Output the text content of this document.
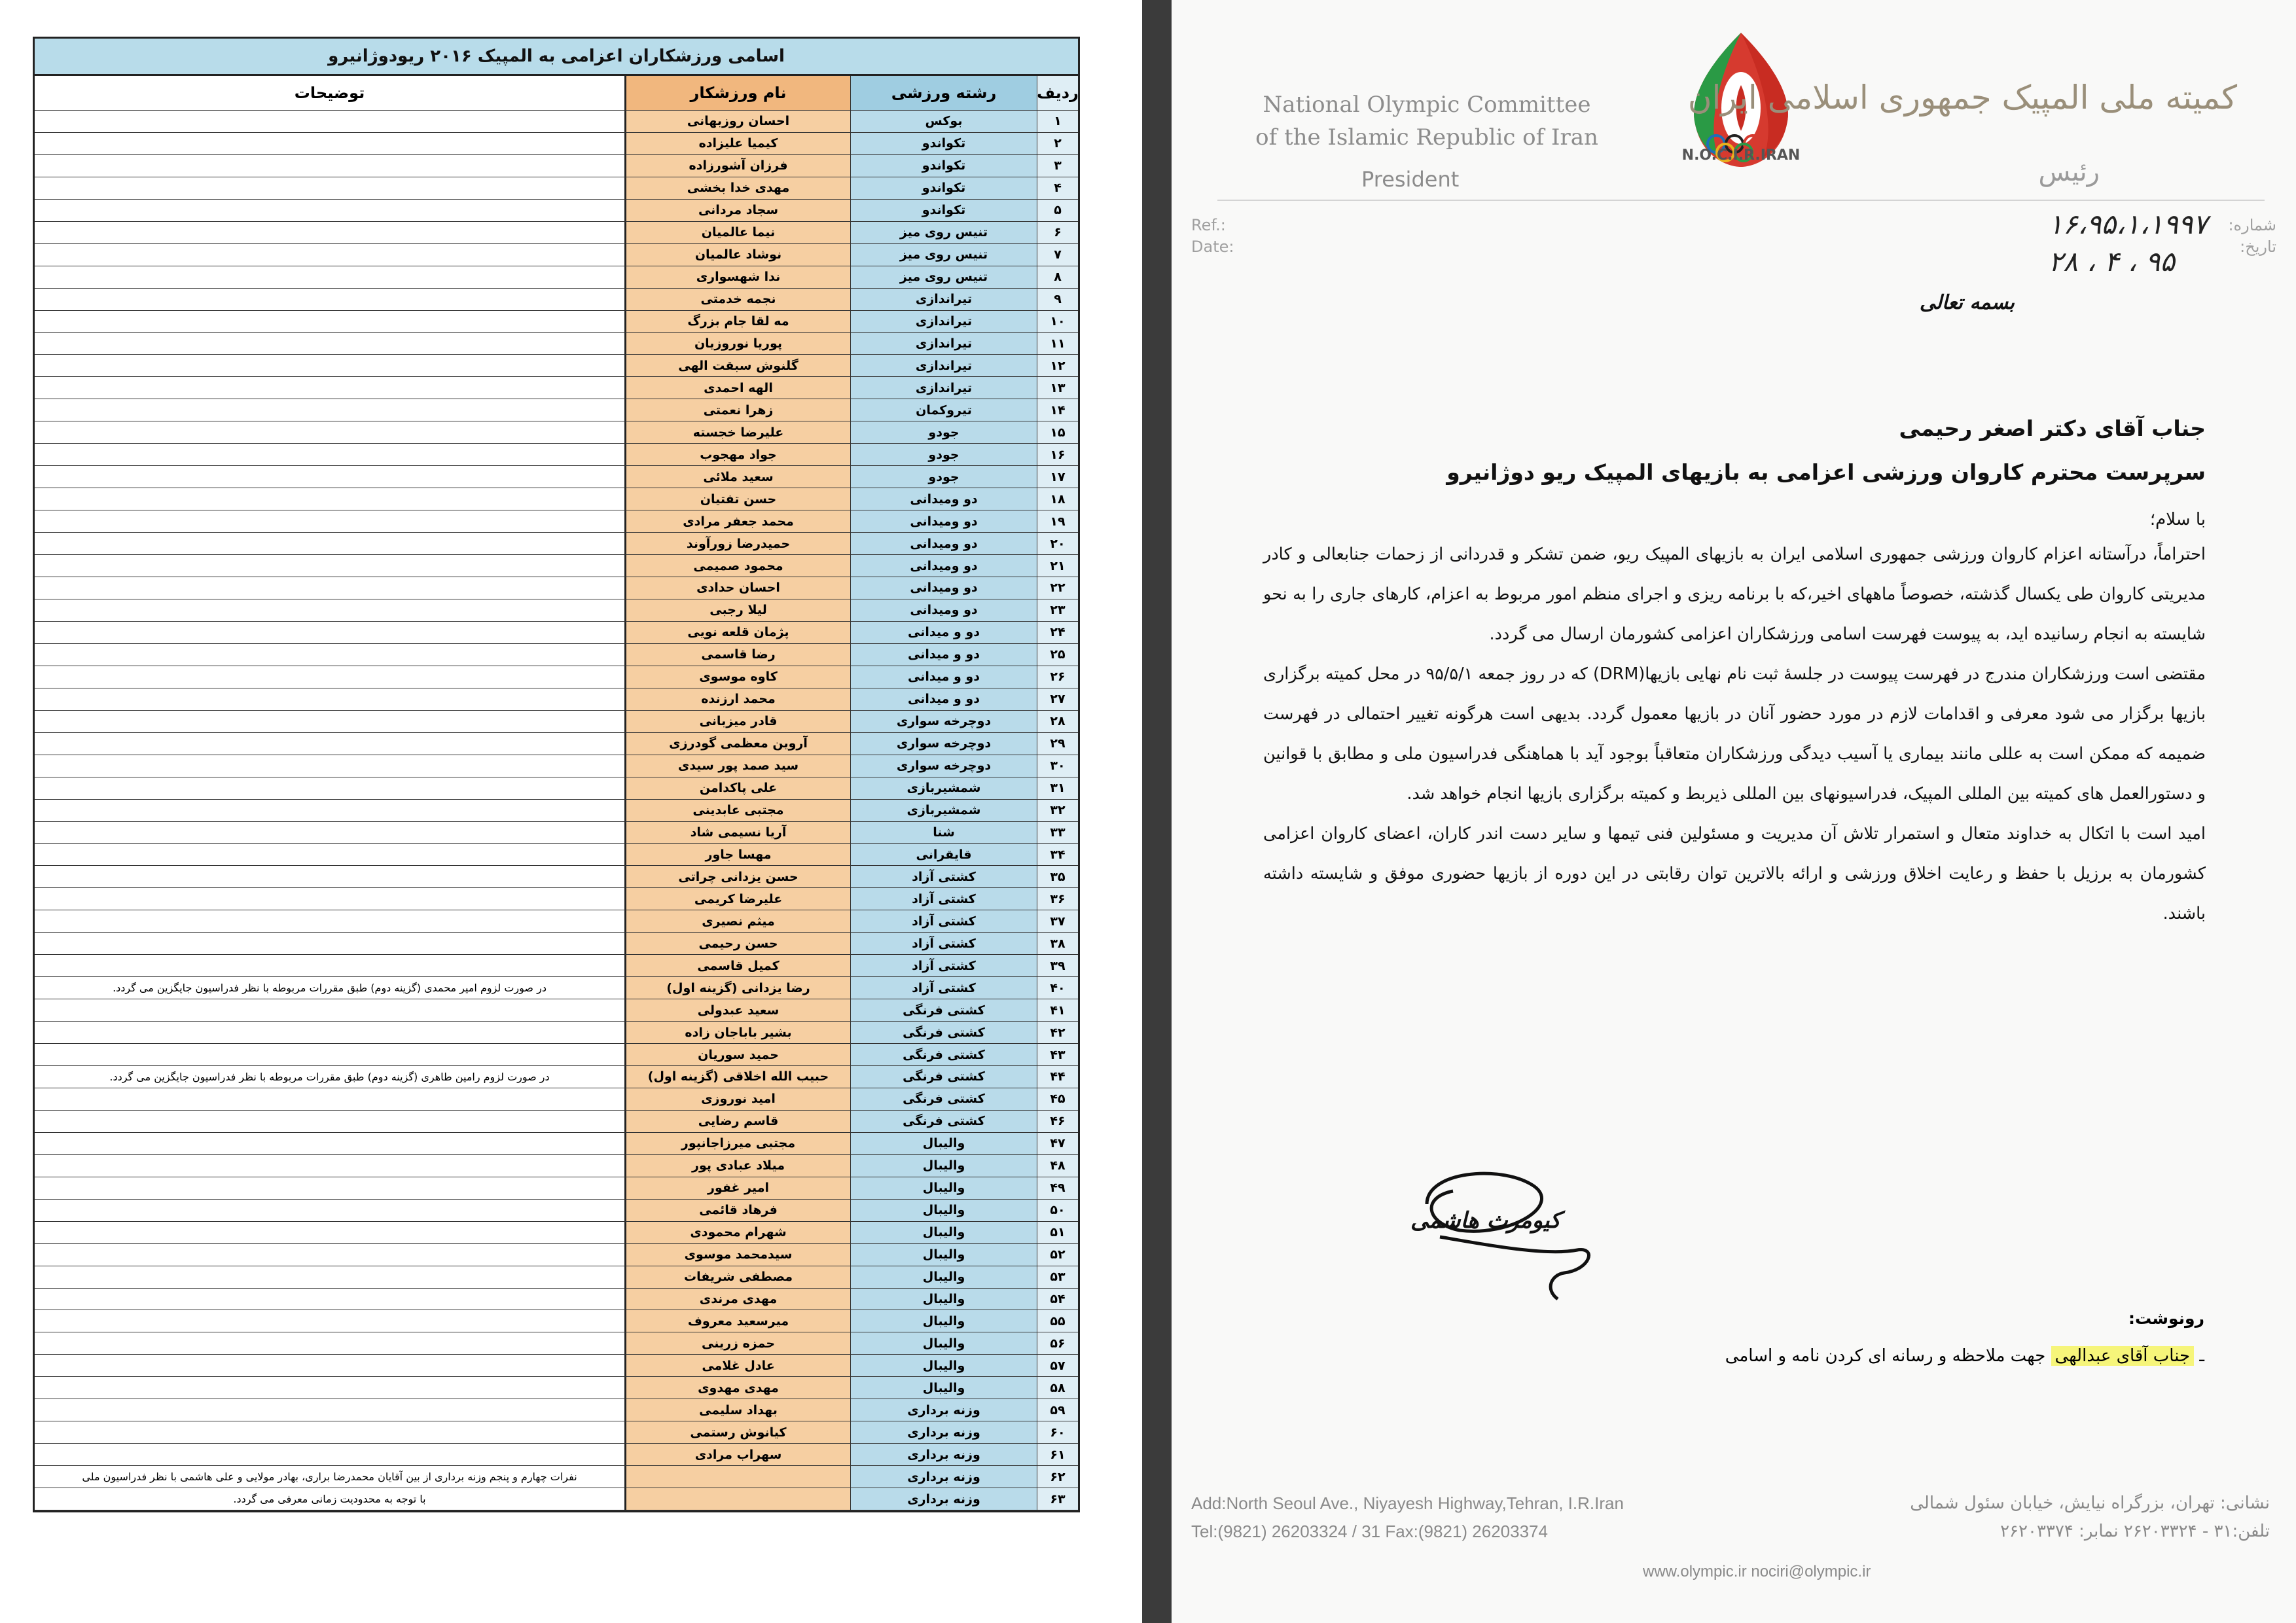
اسامی ورزشکاران اعزامی به المپیک ۲۰۱۶ ریودوژانیرو
ردیف
رشته ورزشی
نام ورزشکار
توضیحات
۱
بوکس
احسان روزبهانی
۲
تکواندو
کیمیا علیزاده
۳
تکواندو
فرزان آشورزاده
۴
تکواندو
مهدی خدا بخشی
۵
تکواندو
سجاد مردانی
۶
تنیس روی میز
نیما عالمیان
۷
تنیس روی میز
نوشاد عالمیان
۸
تنیس روی میز
ندا شهسواری
۹
تیراندازی
نجمه خدمتی
۱۰
تیراندازی
مه لقا جام بزرگ
۱۱
تیراندازی
پوریا نوروزیان
۱۲
تیراندازی
گلنوش سبقت الهی
۱۳
تیراندازی
الهه احمدی
۱۴
تیروکمان
زهرا نعمتی
۱۵
جودو
علیرضا خجسته
۱۶
جودو
جواد مهجوب
۱۷
جودو
سعید ملائی
۱۸
دو ومیدانی
حسن تفتیان
۱۹
دو ومیدانی
محمد جعفر مرادی
۲۰
دو ومیدانی
حمیدرضا زورآوند
۲۱
دو ومیدانی
محمود صمیمی
۲۲
دو ومیدانی
احسان حدادی
۲۳
دو ومیدانی
لیلا رجبی
۲۴
دو و میدانی
پژمان قلعه نویی
۲۵
دو و میدانی
رضا قاسمی
۲۶
دو و میدانی
کاوه موسوی
۲۷
دو و میدانی
محمد ارزنده
۲۸
دوچرخه سواری
قادر میزبانی
۲۹
دوچرخه سواری
آروین معظمی گودرزی
۳۰
دوچرخه سواری
سید صمد پور سیدی
۳۱
شمشیربازی
علی پاکدامن
۳۲
شمشیربازی
مجتبی عابدینی
۳۳
شنا
آریا نسیمی شاد
۳۴
قایقرانی
مهسا جاور
۳۵
کشتی آزاد
حسن یزدانی چراتی
۳۶
کشتی آزاد
علیرضا کریمی
۳۷
کشتی آزاد
میثم نصیری
۳۸
کشتی آزاد
حسن رحیمی
۳۹
کشتی آزاد
کمیل قاسمی
۴۰
کشتی آزاد
رضا یزدانی (گزینه اول)
در صورت لزوم امیر محمدی (گزینه دوم) طبق مقررات مربوطه با نظر فدراسیون جایگزین می گردد.
۴۱
کشتی فرنگی
سعید عبدولی
۴۲
کشتی فرنگی
بشیر باباجان زاده
۴۳
کشتی فرنگی
حمید سوریان
۴۴
کشتی فرنگی
حبیب الله اخلاقی (گزینه اول)
در صورت لزوم رامین طاهری (گزینه دوم) طبق مقررات مربوطه با نظر فدراسیون جایگزین می گردد.
۴۵
کشتی فرنگی
امید نوروزی
۴۶
کشتی فرنگی
قاسم رضایی
۴۷
والیبال
مجتبی میرزاجانپور
۴۸
والیبال
میلاد عبادی پور
۴۹
والیبال
امیر غفور
۵۰
والیبال
فرهاد قائمی
۵۱
والیبال
شهرام محمودی
۵۲
والیبال
سیدمحمد موسوی
۵۳
والیبال
مصطفی شریفات
۵۴
والیبال
مهدی مرندی
۵۵
والیبال
میرسعید معروف
۵۶
والیبال
حمزه زرینی
۵۷
والیبال
عادل غلامی
۵۸
والیبال
مهدی مهدوی
۵۹
وزنه برداری
بهداد سلیمی
۶۰
وزنه برداری
کیانوش رستمی
۶۱
وزنه برداری
سهراب مرادی
۶۲
وزنه برداری
نفرات چهارم و پنجم وزنه برداری از بین آقایان محمدرضا براری، بهادر مولایی و علی هاشمی با نظر فدراسیون ملی
۶۳
وزنه برداری
با توجه به محدودیت زمانی معرفی می گردد.
National Olympic Committee
of the Islamic Republic of Iran
President
N.O.C.I.R.IRAN
کمیته ملی المپیک جمهوری اسلامی ایران
رئیس
Ref.:
Date:
شماره:
تاریخ:
۱۶،۹۵،۱،۱۹۹۷
۹۵ ، ۴ ، ۲۸
بسمه تعالی
جناب آقای دکتر اصغر رحیمی
سرپرست محترم کاروان ورزشی اعزامی به بازیهای المپیک ریو دوژانیرو
با سلام؛

احتراماً، درآستانه اعزام کاروان ورزشی جمهوری اسلامی ایران به بازیهای المپیک ریو، ضمن تشکر و قدردانی از زحمات جنابعالی و کادر مدیریتی کاروان طی یکسال گذشته، خصوصاً ماههای اخیر،که با برنامه ریزی و اجرای منظم امور مربوط به اعزام، کارهای جاری را به نحو شایسته به انجام رسانیده اید، به پیوست فهرست اسامی ورزشکاران اعزامی کشورمان ارسال می گردد.

مقتضی است ورزشکاران مندرج در فهرست پیوست در جلسهٔ ثبت نام نهایی بازیها(DRM) که در روز جمعه ۹۵/۵/۱ در محل کمیته برگزاری بازیها برگزار می شود معرفی و اقدامات لازم در مورد حضور آنان در بازیها معمول گردد. بدیهی است هرگونه تغییر احتمالی در فهرست ضمیمه که ممکن است به عللی مانند بیماری یا آسیب دیدگی ورزشکاران متعاقباً بوجود آید با هماهنگی فدراسیون ملی و مطابق با قوانین و دستورالعمل های کمیته بین المللی المپیک، فدراسیونهای بین المللی ذیربط و کمیته برگزاری بازیها انجام خواهد شد.

امید است با اتکال به خداوند متعال و استمرار تلاش آن مدیریت و مسئولین فنی تیمها و سایر دست اندر کاران، اعضای کاروان اعزامی کشورمان به برزیل با حفظ و رعایت اخلاق ورزشی و ارائه بالاترین توان رقابتی در این دوره از بازیها حضوری موفق و شایسته داشته باشند.

کیومرث هاشمی
رونوشت:
ـ جناب آقای عبدالهی جهت ملاحظه و رسانه ای کردن نامه و اسامی
Add:North Seoul Ave., Niyayesh Highway,Tehran, I.R.Iran
Tel:(9821) 26203324 / 31 Fax:(9821) 26203374
نشانی: تهران، بزرگراه نیایش، خیابان سئول شمالی
تلفن:۳۱ - ۲۶۲۰۳۳۲۴ نمابر: ۲۶۲۰۳۳۷۴
www.olympic.ir nociri@olympic.ir
